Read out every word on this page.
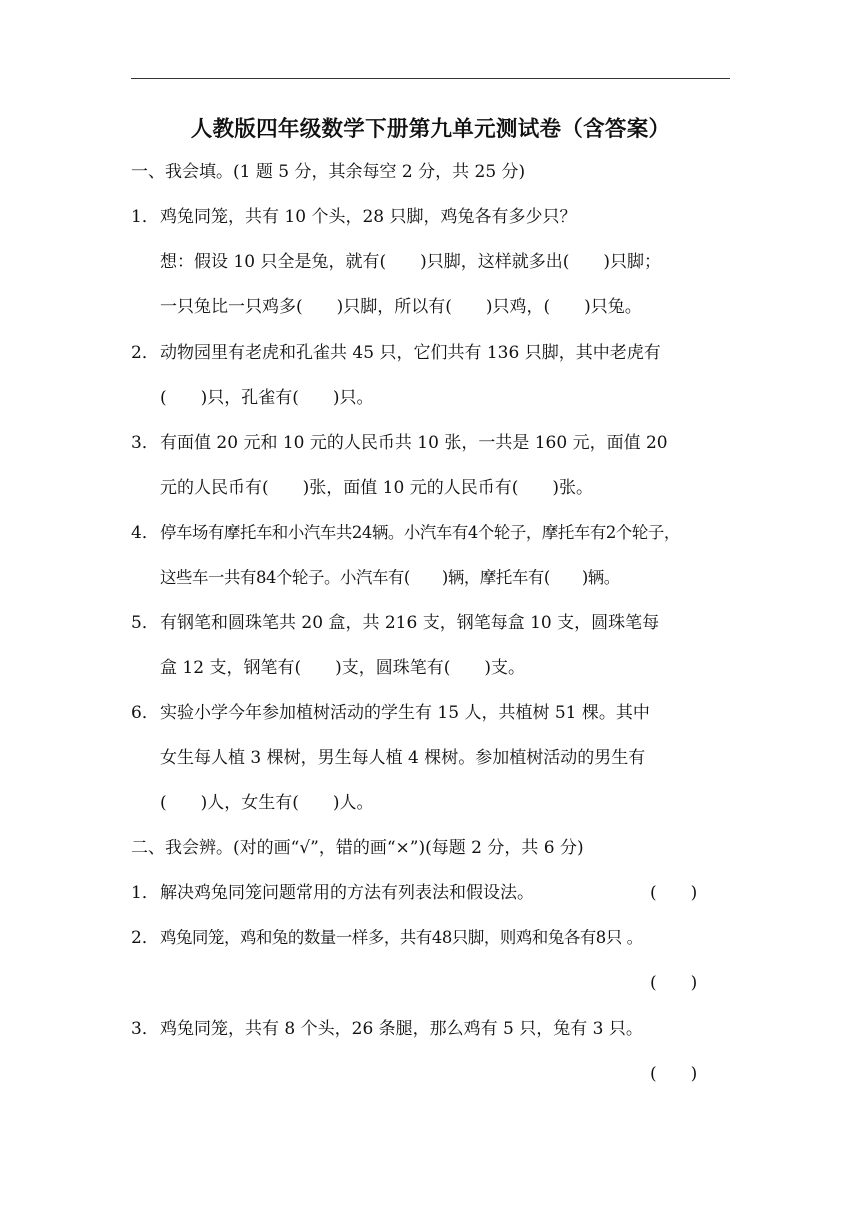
人教版四年级数学下册第九单元测试卷（含答案）
一、我会填。(1 题 5 分，其余每空 2 分，共 25 分)
1．鸡兔同笼，共有 10 个头，28 只脚，鸡兔各有多少只？
想：假设 10 只全是兔，就有(　　)只脚，这样就多出(　　)只脚；
一只兔比一只鸡多(　　)只脚，所以有(　　)只鸡，(　　)只兔。
2．动物园里有老虎和孔雀共 45 只，它们共有 136 只脚，其中老虎有
(　　)只，孔雀有(　　)只。
3．有面值 20 元和 10 元的人民币共 10 张，一共是 160 元，面值 20
元的人民币有(　　)张，面值 10 元的人民币有(　　)张。
4．停车场有摩托车和小汽车共24辆。小汽车有4个轮子，摩托车有2个轮子，
这些车一共有84个轮子。小汽车有(　　)辆，摩托车有(　　)辆。
5．有钢笔和圆珠笔共 20 盒，共 216 支，钢笔每盒 10 支，圆珠笔每
盒 12 支，钢笔有(　　)支，圆珠笔有(　　)支。
6．实验小学今年参加植树活动的学生有 15 人，共植树 51 棵。其中
女生每人植 3 棵树，男生每人植 4 棵树。参加植树活动的男生有
(　　)人，女生有(　　)人。
二、我会辨。(对的画“√”，错的画“×”)(每题 2 分，共 6 分)
1．解决鸡兔同笼问题常用的方法有列表法和假设法。	(　　)
2．鸡兔同笼，鸡和兔的数量一样多，共有48只脚，则鸡和兔各有8只 。
(　　)
3．鸡兔同笼，共有 8 个头，26 条腿，那么鸡有 5 只，兔有 3 只。
(　　)
